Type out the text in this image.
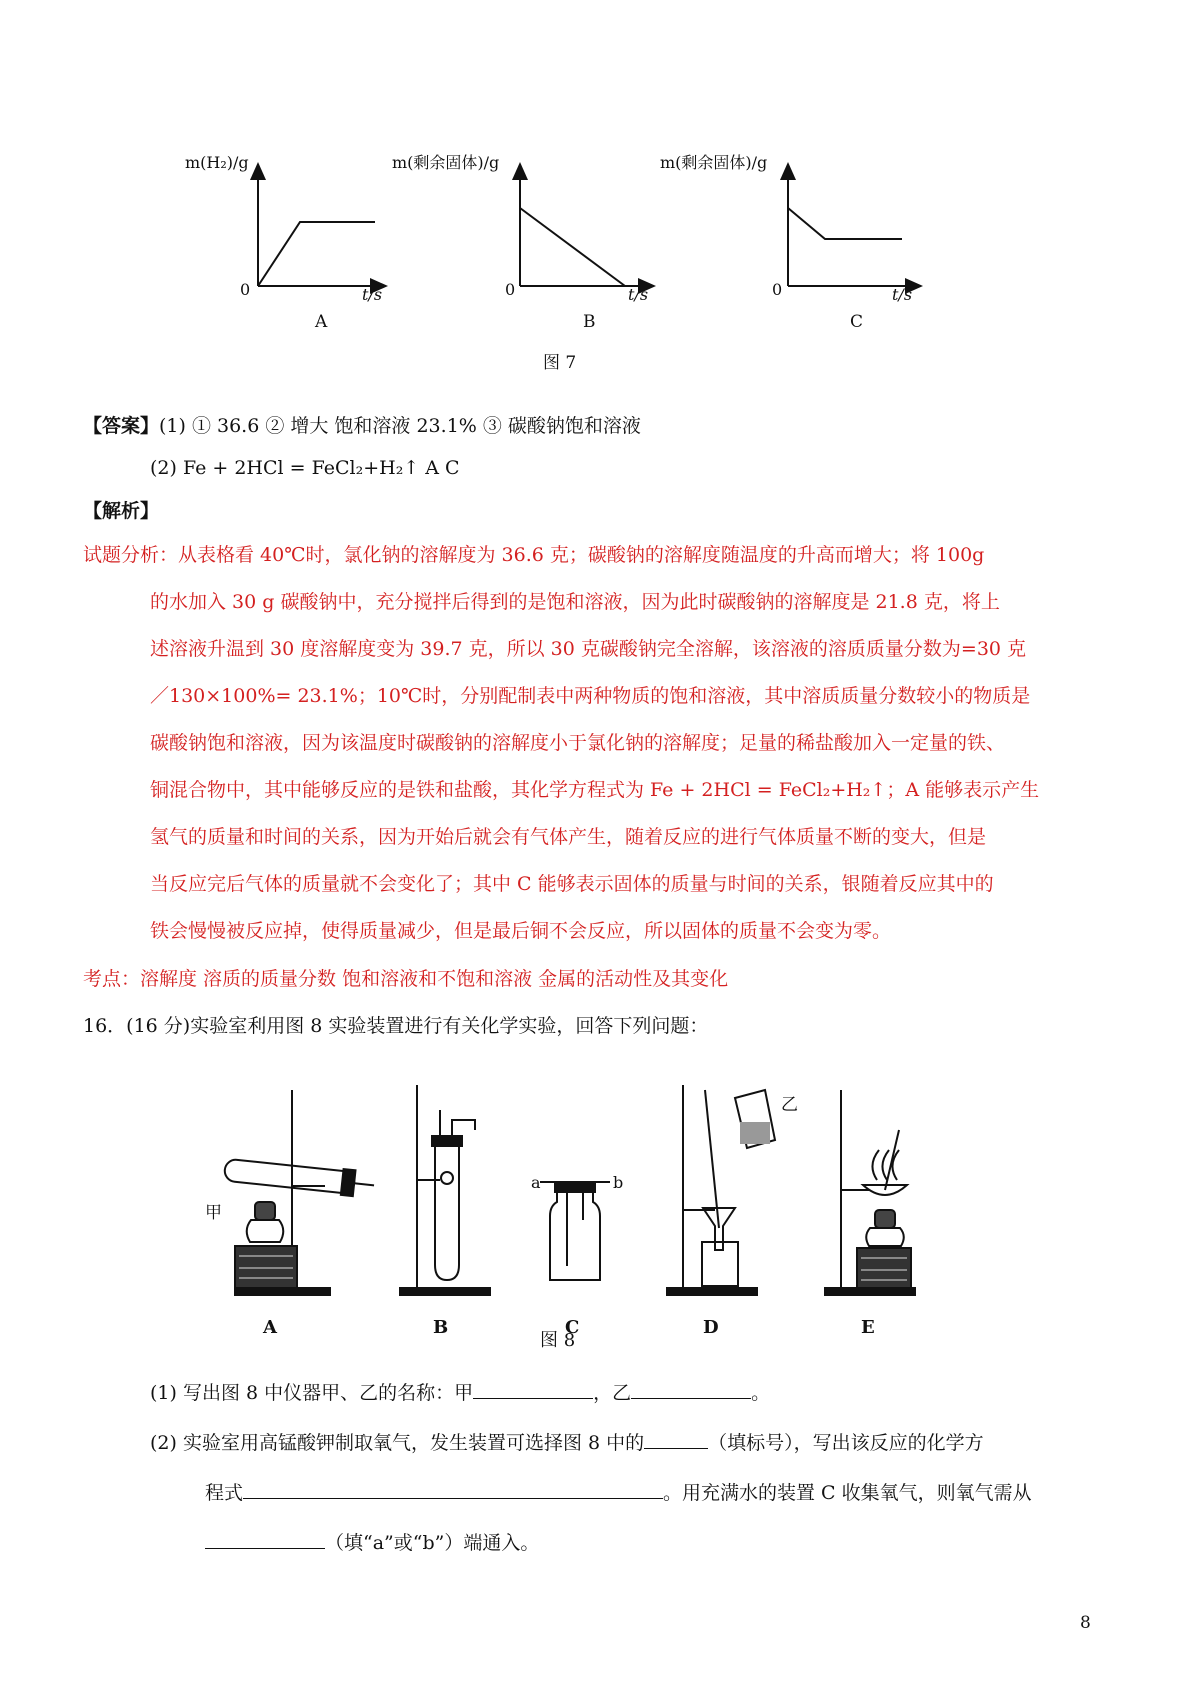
m(H₂)/g
0	t/s
A
m(剩余固体)/g
0	t/s
B
m(剩余固体)/g
0	t/s
C
图 7
【答案】(1) ① 36.6 ② 增大 饱和溶液 23.1% ③ 碳酸钠饱和溶液
(2) Fe + 2HCl = FeCl₂+H₂↑ A C
【解析】
试题分析：从表格看 40℃时，氯化钠的溶解度为 36.6 克；碳酸钠的溶解度随温度的升高而增大；将 100g
的水加入 30 g 碳酸钠中，充分搅拌后得到的是饱和溶液，因为此时碳酸钠的溶解度是 21.8 克，将上
述溶液升温到 30 度溶解度变为 39.7 克，所以 30 克碳酸钠完全溶解，该溶液的溶质质量分数为=30 克
／130×100%= 23.1%；10℃时，分别配制表中两种物质的饱和溶液，其中溶质质量分数较小的物质是
碳酸钠饱和溶液，因为该温度时碳酸钠的溶解度小于氯化钠的溶解度；足量的稀盐酸加入一定量的铁、
铜混合物中，其中能够反应的是铁和盐酸，其化学方程式为 Fe + 2HCl = FeCl₂+H₂↑；A 能够表示产生
氢气的质量和时间的关系，因为开始后就会有气体产生，随着反应的进行气体质量不断的变大，但是
当反应完后气体的质量就不会变化了；其中 C 能够表示固体的质量与时间的关系，银随着反应其中的
铁会慢慢被反应掉，使得质量减少，但是最后铜不会反应，所以固体的质量不会变为零。
考点：溶解度 溶质的质量分数 饱和溶液和不饱和溶液 金属的活动性及其变化
16．(16 分)实验室利用图 8 实验装置进行有关化学实验，回答下列问题：
甲
A	B
a	b
C
乙
D	E
图 8
(1) 写出图 8 中仪器甲、乙的名称：甲	，乙	。
(2) 实验室用高锰酸钾制取氧气，发生装置可选择图 8 中的	（填标号），写出该反应的化学方
程式	。用充满水的装置 C 收集氧气，则氧气需从
（填“a”或“b”）端通入。
8
